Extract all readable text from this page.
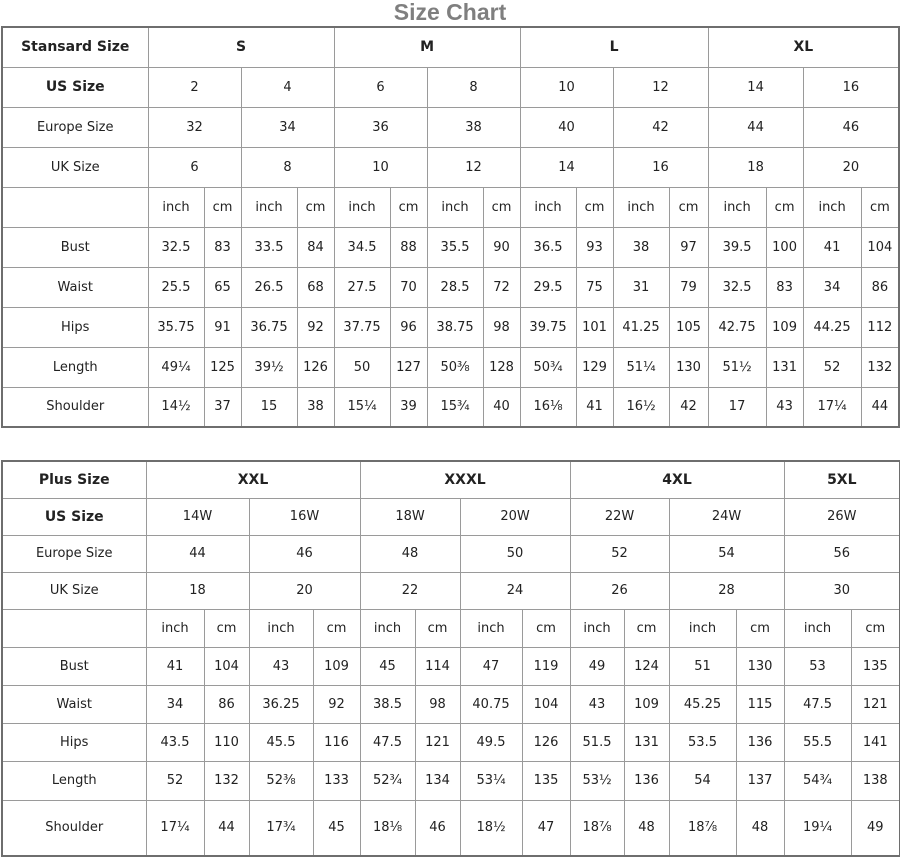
Size Chart
Stansard Size	S				M				L				XL			
US Size	2		4		6		8		10		12		14		16	
Europe Size	32		34		36		38		40		42		44		46	
UK Size	6		8		10		12		14		16		18		20	
	inch	cm	inch	cm	inch	cm	inch	cm	inch	cm	inch	cm	inch	cm	inch	cm
Bust	32.5	83	33.5	84	34.5	88	35.5	90	36.5	93	38	97	39.5	100	41	104
Waist	25.5	65	26.5	68	27.5	70	28.5	72	29.5	75	31	79	32.5	83	34	86
Hips	35.75	91	36.75	92	37.75	96	38.75	98	39.75	101	41.25	105	42.75	109	44.25	112
Length	49¼	125	39½	126	50	127	50⅜	128	50¾	129	51¼	130	51½	131	52	132
Shoulder	14½	37	15	38	15¼	39	15¾	40	16⅛	41	16½	42	17	43	17¼	44
Plus Size	XXL				XXXL				4XL				5XL	
US Size	14W		16W		18W		20W		22W		24W		26W	
Europe Size	44		46		48		50		52		54		56	
UK Size	18		20		22		24		26		28		30	
	inch	cm	inch	cm	inch	cm	inch	cm	inch	cm	inch	cm	inch	cm
Bust	41	104	43	109	45	114	47	119	49	124	51	130	53	135
Waist	34	86	36.25	92	38.5	98	40.75	104	43	109	45.25	115	47.5	121
Hips	43.5	110	45.5	116	47.5	121	49.5	126	51.5	131	53.5	136	55.5	141
Length	52	132	52⅜	133	52¾	134	53¼	135	53½	136	54	137	54¾	138
Shoulder	17¼	44	17¾	45	18⅛	46	18½	47	18⅞	48	18⅞	48	19¼	49
